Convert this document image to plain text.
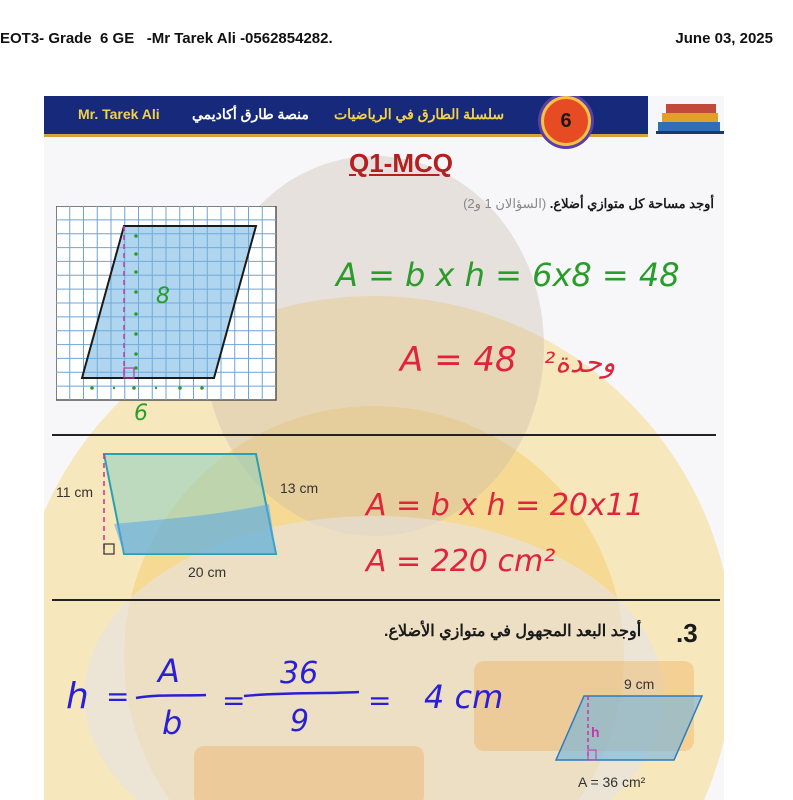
EOT3- Grade  6 GE   -Mr Tarek Ali -0562854282.	June 03, 2025
Mr. Tarek Ali منصة طارق أكاديمي سلسلة الطارق في الرياضيات	6
Q1-MCQ
أوجد مساحة كل متوازي أضلاع. (السؤالان 1 و2)
8
6
A = b x h = 6x8 = 48
A = 48 وحدة²
11 cm	13 cm
20 cm
A = b x h = 20x11
A = 220 cm²
.3
أوجد البعد المجهول في متوازي الأضلاع.
h =
A
b
=
36
9
= 4 cm	9 cm
h
A = 36 cm²
